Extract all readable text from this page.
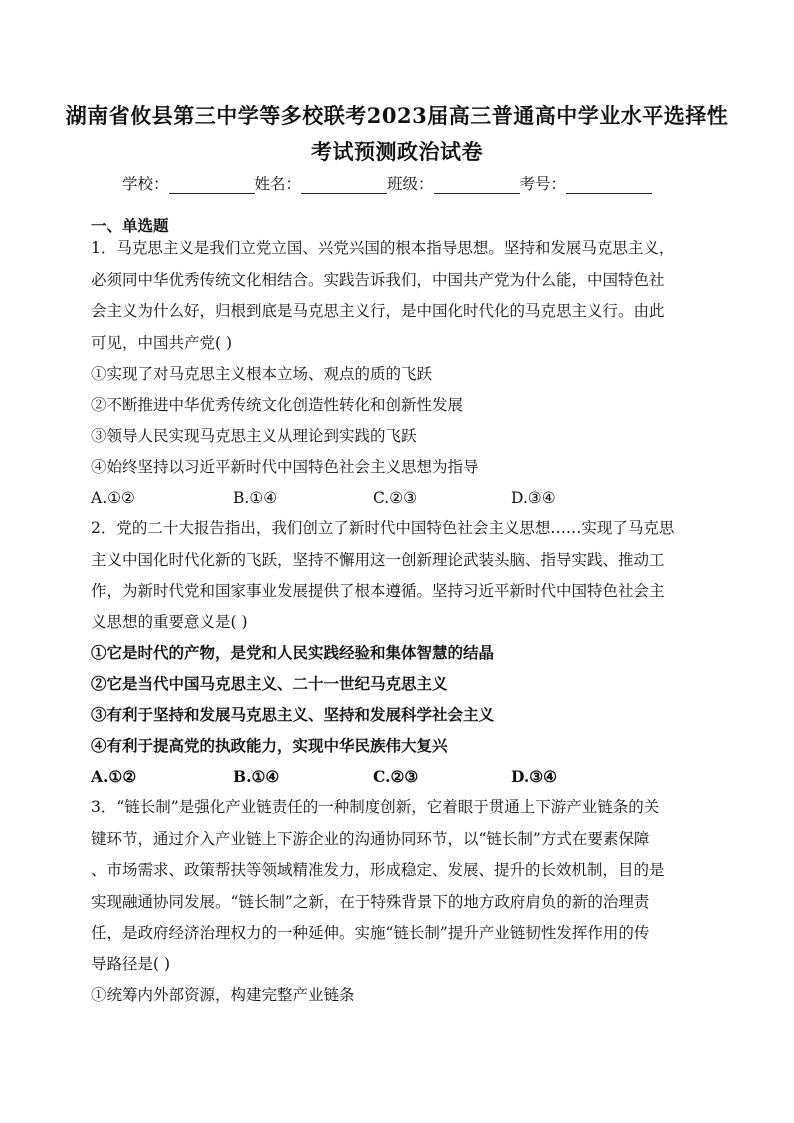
湖南省攸县第三中学等多校联考2023届高三普通高中学业水平选择性
考试预测政治试卷
学校：	姓名：	班级：	考号：
一、单选题
1．马克思主义是我们立党立国、兴党兴国的根本指导思想。坚持和发展马克思主义，
必须同中华优秀传统文化相结合。实践告诉我们，中国共产党为什么能，中国特色社
会主义为什么好，归根到底是马克思主义行，是中国化时代化的马克思主义行。由此
可见，中国共产党( )
①实现了对马克思主义根本立场、观点的质的飞跃
②不断推进中华优秀传统文化创造性转化和创新性发展
③领导人民实现马克思主义从理论到实践的飞跃
④始终坚持以习近平新时代中国特色社会主义思想为指导
A.①②	B.①④	C.②③	D.③④
2．党的二十大报告指出，我们创立了新时代中国特色社会主义思想……实现了马克思
主义中国化时代化新的飞跃，坚持不懈用这一创新理论武装头脑、指导实践、推动工
作，为新时代党和国家事业发展提供了根本遵循。坚持习近平新时代中国特色社会主
义思想的重要意义是( )
①它是时代的产物，是党和人民实践经验和集体智慧的结晶
②它是当代中国马克思主义、二十一世纪马克思主义
③有利于坚持和发展马克思主义、坚持和发展科学社会主义
④有利于提高党的执政能力，实现中华民族伟大复兴
A.①②	B.①④	C.②③	D.③④
3．“链长制”是强化产业链责任的一种制度创新，它着眼于贯通上下游产业链条的关
键环节，通过介入产业链上下游企业的沟通协同环节，以“链长制”方式在要素保障
、市场需求、政策帮扶等领域精准发力，形成稳定、发展、提升的长效机制，目的是
实现融通协同发展。“链长制”之新，在于特殊背景下的地方政府肩负的新的治理责
任，是政府经济治理权力的一种延伸。实施“链长制”提升产业链韧性发挥作用的传
导路径是( )
①统筹内外部资源，构建完整产业链条
